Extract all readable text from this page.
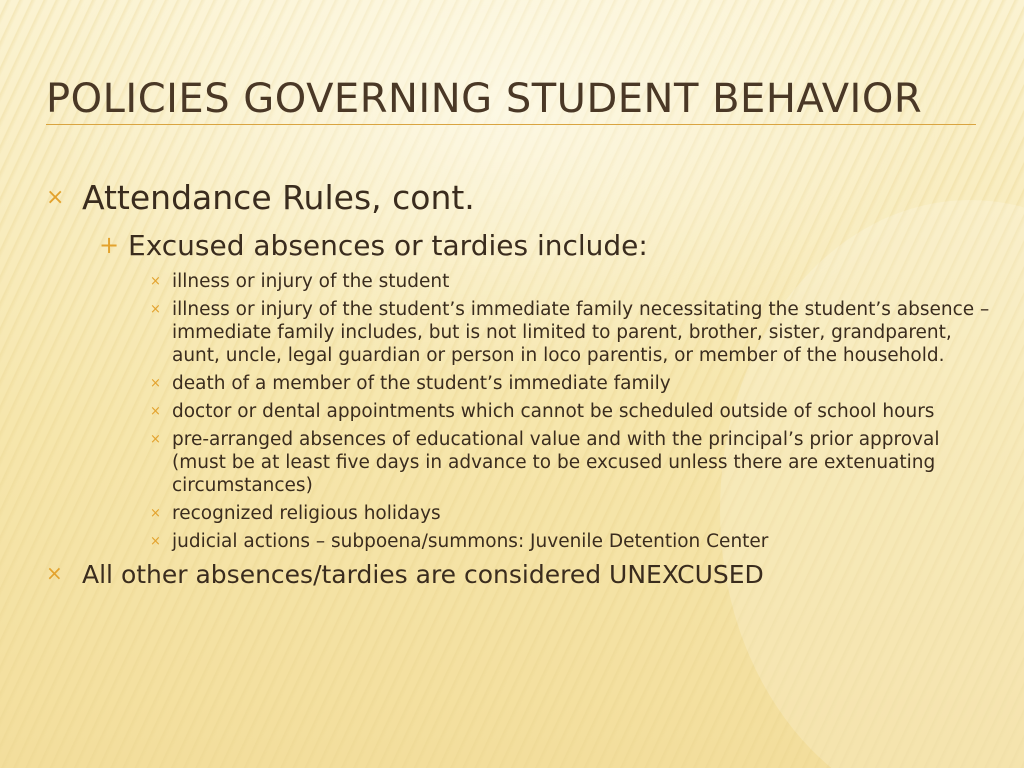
POLICIES GOVERNING STUDENT BEHAVIOR
× Attendance Rules, cont.
+ Excused absences or tardies include:
× illness or injury of the student
× illness or injury of the student’s immediate family necessitating the student’s absence – immediate family includes, but is not limited to parent, brother, sister, grandparent, aunt, uncle, legal guardian or person in loco parentis, or member of the household.
× death of a member of the student’s immediate family
× doctor or dental appointments which cannot be scheduled outside of school hours
× pre-arranged absences of educational value and with the principal’s prior approval (must be at least five days in advance to be excused unless there are extenuating circumstances)
× recognized religious holidays
× judicial actions – subpoena/summons: Juvenile Detention Center
× All other absences/tardies are considered UNEXCUSED
